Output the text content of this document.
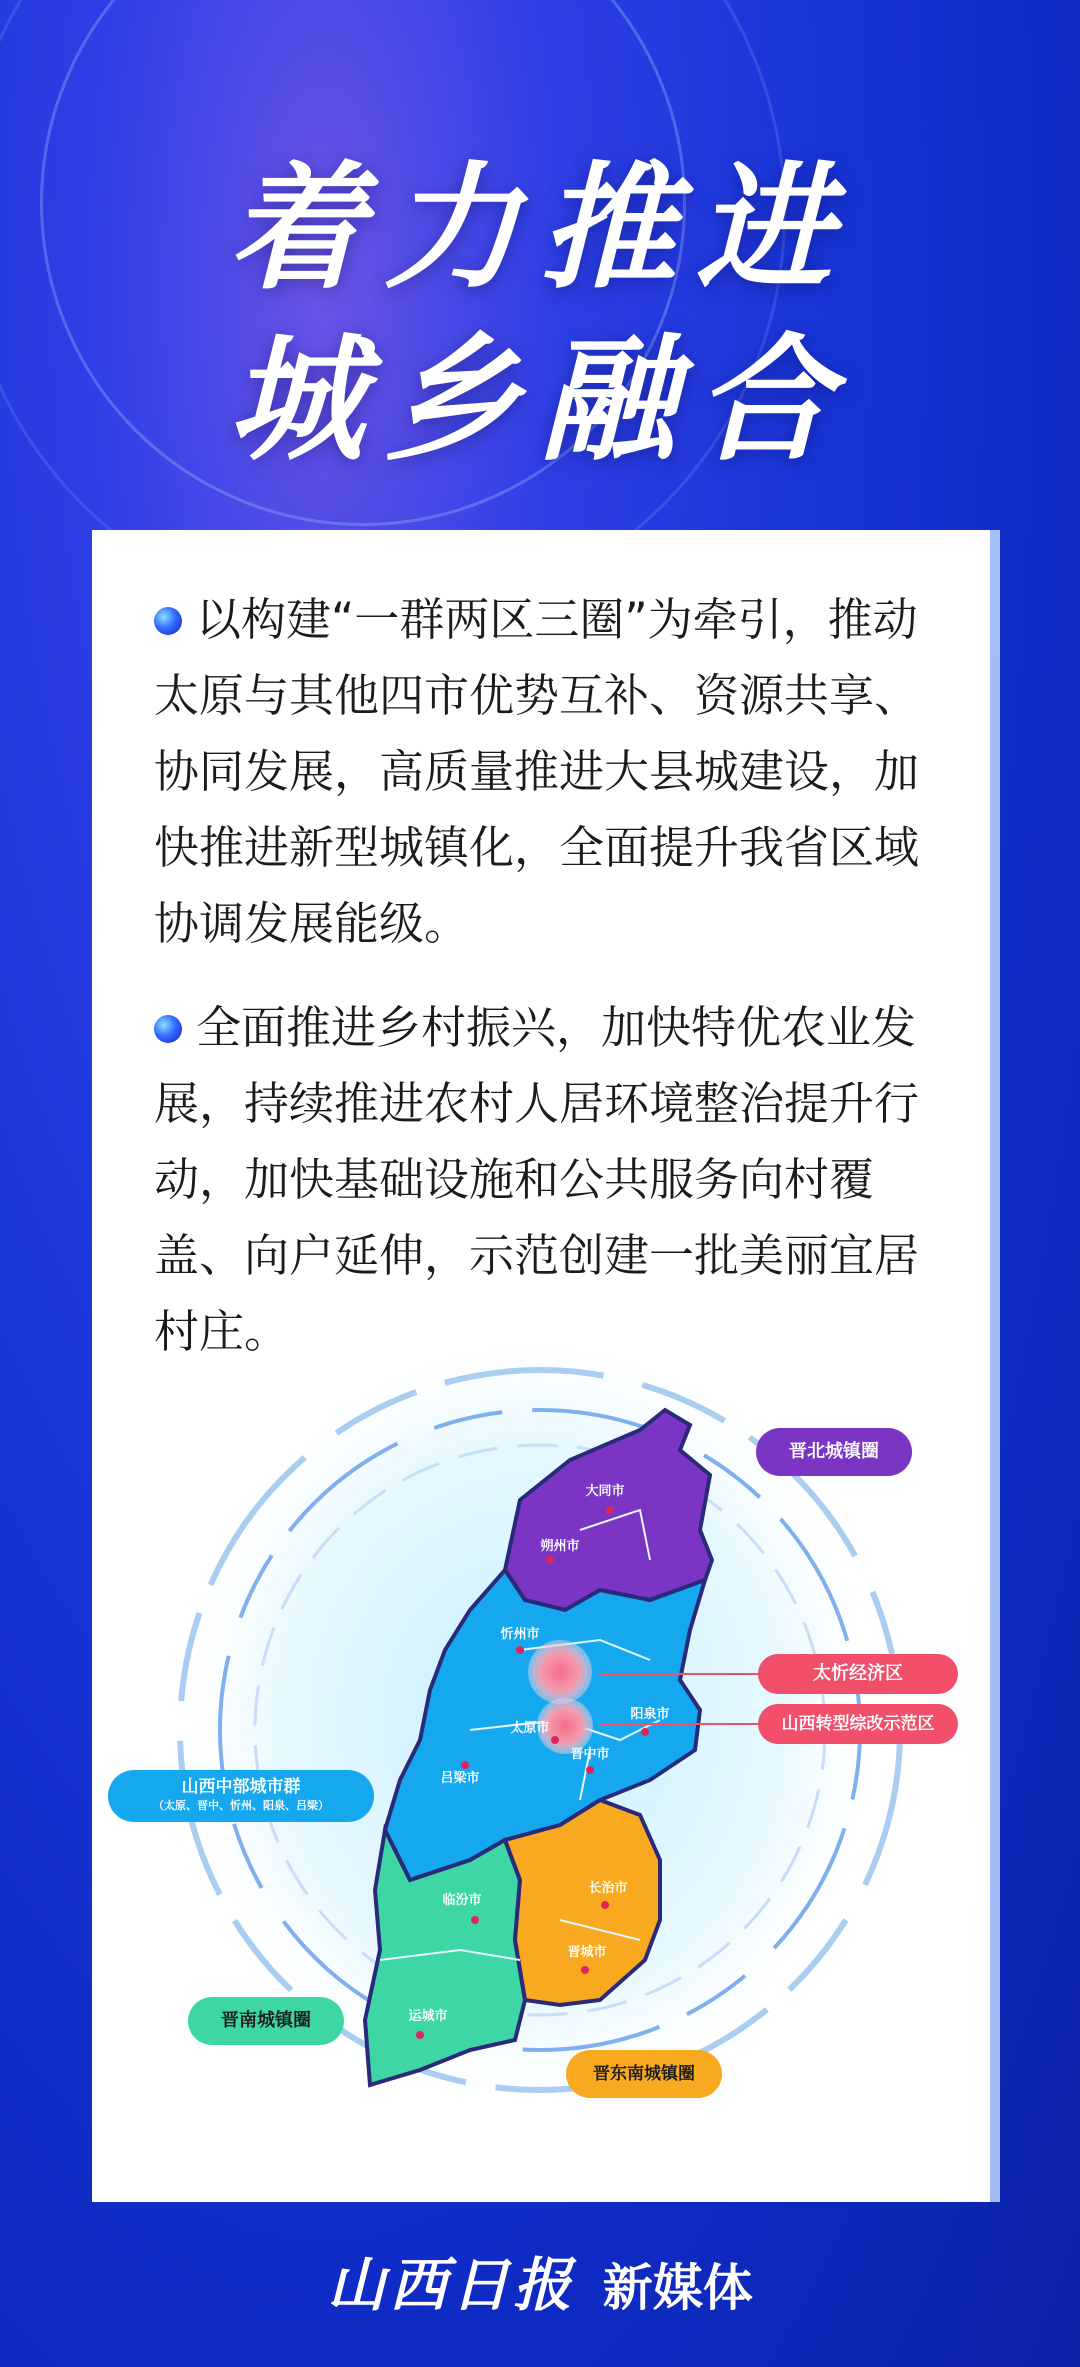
着力推进
城乡融合
以构建“一群两区三圈”为牵引，推动太原与其他四市优势互补、资源共享、协同发展，高质量推进大县城建设，加快推进新型城镇化，全面提升我省区域协调发展能级。
全面推进乡村振兴，加快特优农业发展，持续推进农村人居环境整治提升行动，加快基础设施和公共服务向村覆盖、向户延伸，示范创建一批美丽宜居村庄。
大同市
朔州市
忻州市
太原市
阳泉市
吕梁市
晋中市
临汾市
长治市
晋城市
运城市
晋北城镇圈
太忻经济区
山西转型综改示范区
山西中部城市群
（太原、晋中、忻州、阳泉、吕梁）
晋南城镇圈
晋东南城镇圈
山西日报 新媒体
